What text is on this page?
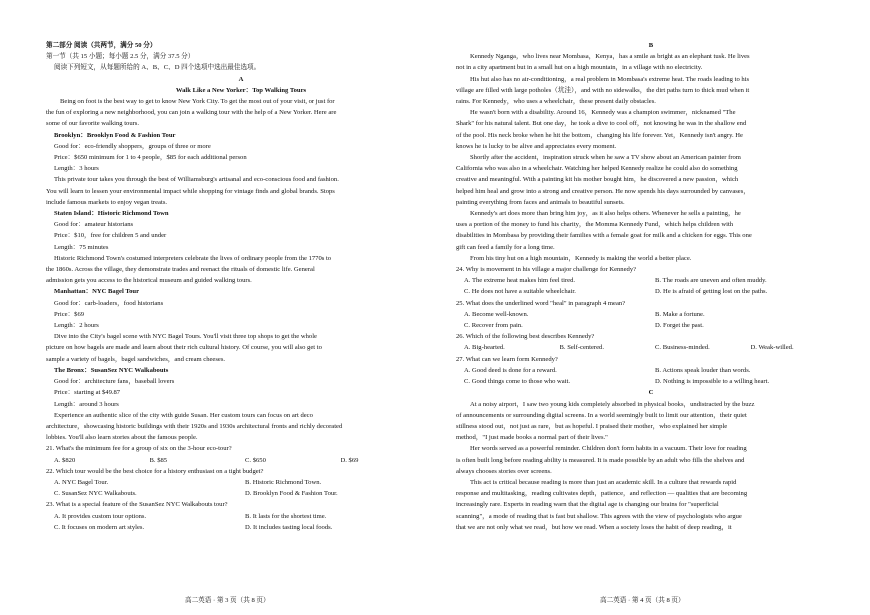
第二部分 阅读（共两节，满分 50 分）
第一节（共 15 小题；每小题 2.5 分，满分 37.5 分）
阅读下列短文，从每题所给的 A、B、C、D 四个选项中选出最佳选项。
A
Walk Like a New Yorker：Top Walking Tours
Being on foot is the best way to get to know New York City. To get the most out of your visit, or just for
the fun of exploring a new neighborhood, you can join a walking tour with the help of a New Yorker. Here are
some of our favorite walking tours.
Brooklyn：Brooklyn Food & Fashion Tour
Good for：eco-friendly shoppers，groups of three or more
Price：$650 minimum for 1 to 4 people，$85 for each additional person
Length：3 hours
This private tour takes you through the best of Williamsburg's artisanal and eco-conscious food and fashion.
You will learn to lessen your environmental impact while shopping for vintage finds and global brands. Stops
include famous markets to enjoy vegan treats.
Staten Island：Historic Richmond Town
Good for：amateur historians
Price：$10，free for children 5 and under
Length：75 minutes
Historic Richmond Town's costumed interpreters celebrate the lives of ordinary people from the 1770s to
the 1860s. Across the village, they demonstrate trades and reenact the rituals of domestic life. General
admission gets you access to the historical museum and guided walking tours.
Manhattan：NYC Bagel Tour
Good for：carb-loaders，food historians
Price：$69
Length：2 hours
Dive into the City's bagel scene with NYC Bagel Tours. You'll visit three top shops to get the whole
picture on how bagels are made and learn about their rich cultural history. Of course, you will also get to
sample a variety of bagels，bagel sandwiches，and cream cheeses.
The Bronx：SusanSez NYC Walkabouts
Good for：architecture fans，baseball lovers
Price：starting at $49.87
Length：around 3 hours
Experience an authentic slice of the city with guide Susan. Her custom tours can focus on art deco
architecture，showcasing historic buildings with their 1920s and 1930s architectural fronts and richly decorated
lobbies. You'll also learn stories about the famous people.
21. What's the minimum fee for a group of six on the 3-hour eco-tour?
A. $820	B. $85	C. $650	D. $69
22. Which tour would be the best choice for a history enthusiast on a tight budget?
A. NYC Bagel Tour.	B. Historic Richmond Town.
C. SusanSez NYC Walkabouts.	D. Brooklyn Food & Fashion Tour.
23. What is a special feature of the SusanSez NYC Walkabouts tour?
A. It provides custom tour options.	B. It lasts for the shortest time.
C. It focuses on modern art styles.	D. It includes tasting local foods.
B
Kennedy Nganga，who lives near Mombasa，Kenya，has a smile as bright as an elephant tusk. He lives
not in a city apartment but in a small hut on a high mountain，in a village with no electricity.
His hut also has no air-conditioning，a real problem in Mombasa's extreme heat. The roads leading to his
village are filled with large potholes（坑洼），and with no sidewalks，the dirt paths turn to thick mud when it
rains. For Kennedy，who uses a wheelchair，these present daily obstacles.
He wasn't born with a disability. Around 16，Kennedy was a champion swimmer，nicknamed "The
Shark" for his natural talent. But one day，he took a dive to cool off，not knowing he was in the shallow end
of the pool. His neck broke when he hit the bottom，changing his life forever. Yet，Kennedy isn't angry. He
knows he is lucky to be alive and appreciates every moment.
Shortly after the accident，inspiration struck when he saw a TV show about an American painter from
California who was also in a wheelchair. Watching her helped Kennedy realize he could also do something
creative and meaningful. With a painting kit his mother bought him，he discovered a new passion，which
helped him heal and grow into a strong and creative person. He now spends his days surrounded by canvases，
painting everything from faces and animals to beautiful sunsets.
Kennedy's art does more than bring him joy，as it also helps others. Whenever he sells a painting，he
uses a portion of the money to fund his charity，the Momma Kennedy Fund，which helps children with
disabilities in Mombasa by providing their families with a female goat for milk and a chicken for eggs. This one
gift can feed a family for a long time.
From his tiny hut on a high mountain，Kennedy is making the world a better place.
24. Why is movement in his village a major challenge for Kennedy?
A. The extreme heat makes him feel tired.	B. The roads are uneven and often muddy.
C. He does not have a suitable wheelchair.	D. He is afraid of getting lost on the paths.
25. What does the underlined word "heal" in paragraph 4 mean?
A. Become well-known.	B. Make a fortune.
C. Recover from pain.	D. Forget the past.
26. Which of the following best describes Kennedy?
A. Big-hearted.	B. Self-centered.	C. Business-minded.	D. Weak-willed.
27. What can we learn form Kennedy?
A. Good deed is done for a reward.	B. Actions speak louder than words.
C. Good things come to those who wait.	D. Nothing is impossible to a willing heart.
C
At a noisy airport，I saw two young kids completely absorbed in physical books，undistracted by the buzz
of announcements or surrounding digital screens. In a world seemingly built to limit our attention，their quiet
stillness stood out，not just as rare，but as hopeful. I praised their mother，who explained her simple
method，"I just made books a normal part of their lives."
Her words served as a powerful reminder. Children don't form habits in a vacuum. Their love for reading
is often built long before reading ability is measured. It is made possible by an adult who fills the shelves and
always chooses stories over screens.
This act is critical because reading is more than just an academic skill. In a culture that rewards rapid
response and multitasking，reading cultivates depth，patience，and reflection — qualities that are becoming
increasingly rare. Experts in reading warn that the digital age is changing our brains for "superficial
scanning"，a mode of reading that is fast but shallow. This agrees with the view of psychologists who argue
that we are not only what we read，but how we read. When a society loses the habit of deep reading，it
高二英语 · 第 3 页（共 8 页）	高二英语 · 第 4 页（共 8 页）
